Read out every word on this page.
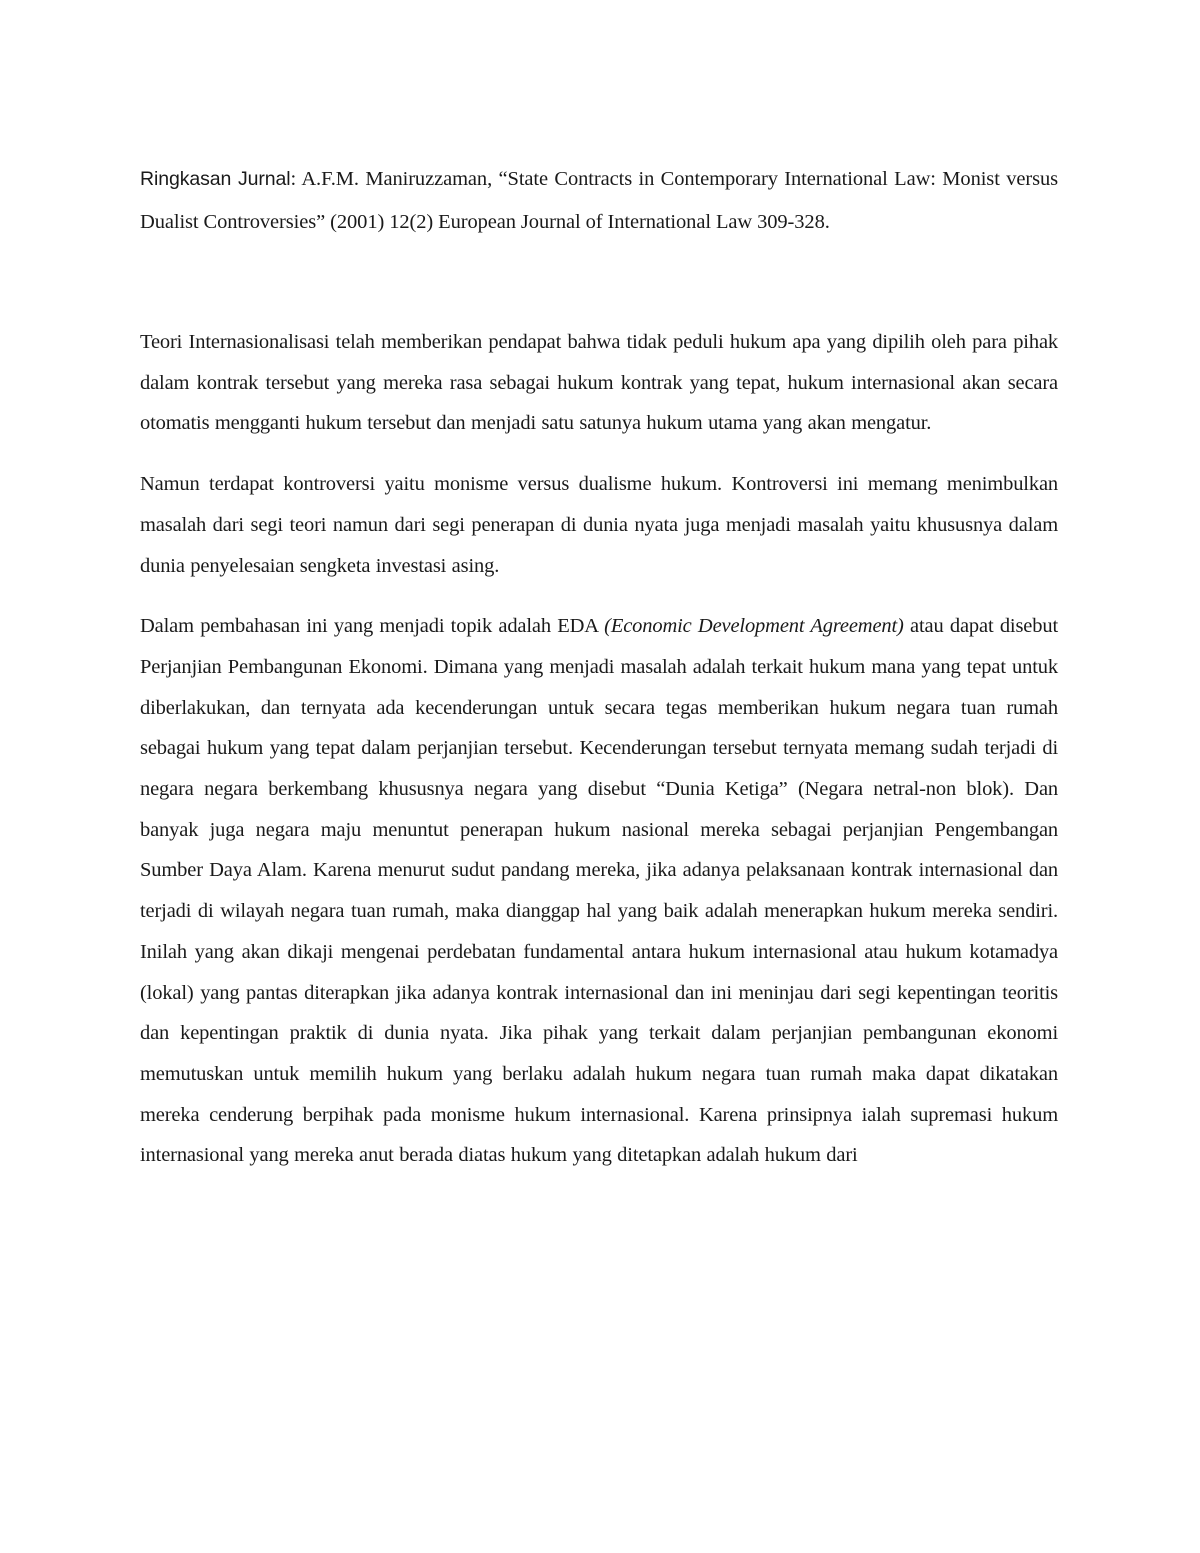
Ringkasan Jurnal: A.F.M. Maniruzzaman, “State Contracts in Contemporary International Law: Monist versus Dualist Controversies” (2001) 12(2) European Journal of International Law 309-328.

Teori Internasionalisasi telah memberikan pendapat bahwa tidak peduli hukum apa yang dipilih oleh para pihak dalam kontrak tersebut yang mereka rasa sebagai hukum kontrak yang tepat, hukum internasional akan secara otomatis mengganti hukum tersebut dan menjadi satu satunya hukum utama yang akan mengatur.

Namun terdapat kontroversi yaitu monisme versus dualisme hukum. Kontroversi ini memang menimbulkan masalah dari segi teori namun dari segi penerapan di dunia nyata juga menjadi masalah yaitu khususnya dalam dunia penyelesaian sengketa investasi asing.

Dalam pembahasan ini yang menjadi topik adalah EDA (Economic Development Agreement) atau dapat disebut Perjanjian Pembangunan Ekonomi. Dimana yang menjadi masalah adalah terkait hukum mana yang tepat untuk diberlakukan, dan ternyata ada kecenderungan untuk secara tegas memberikan hukum negara tuan rumah sebagai hukum yang tepat dalam perjanjian tersebut. Kecenderungan tersebut ternyata memang sudah terjadi di negara negara berkembang khususnya negara yang disebut “Dunia Ketiga” (Negara netral-non blok). Dan banyak juga negara maju menuntut penerapan hukum nasional mereka sebagai perjanjian Pengembangan Sumber Daya Alam. Karena menurut sudut pandang mereka, jika adanya pelaksanaan kontrak internasional dan terjadi di wilayah negara tuan rumah, maka dianggap hal yang baik adalah menerapkan hukum mereka sendiri. Inilah yang akan dikaji mengenai perdebatan fundamental antara hukum internasional atau hukum kotamadya (lokal) yang pantas diterapkan jika adanya kontrak internasional dan ini meninjau dari segi kepentingan teoritis dan kepentingan praktik di dunia nyata. Jika pihak yang terkait dalam perjanjian pembangunan ekonomi memutuskan untuk memilih hukum yang berlaku adalah hukum negara tuan rumah maka dapat dikatakan mereka cenderung berpihak pada monisme hukum internasional. Karena prinsipnya ialah supremasi hukum internasional yang mereka anut berada diatas hukum yang ditetapkan adalah hukum dari
